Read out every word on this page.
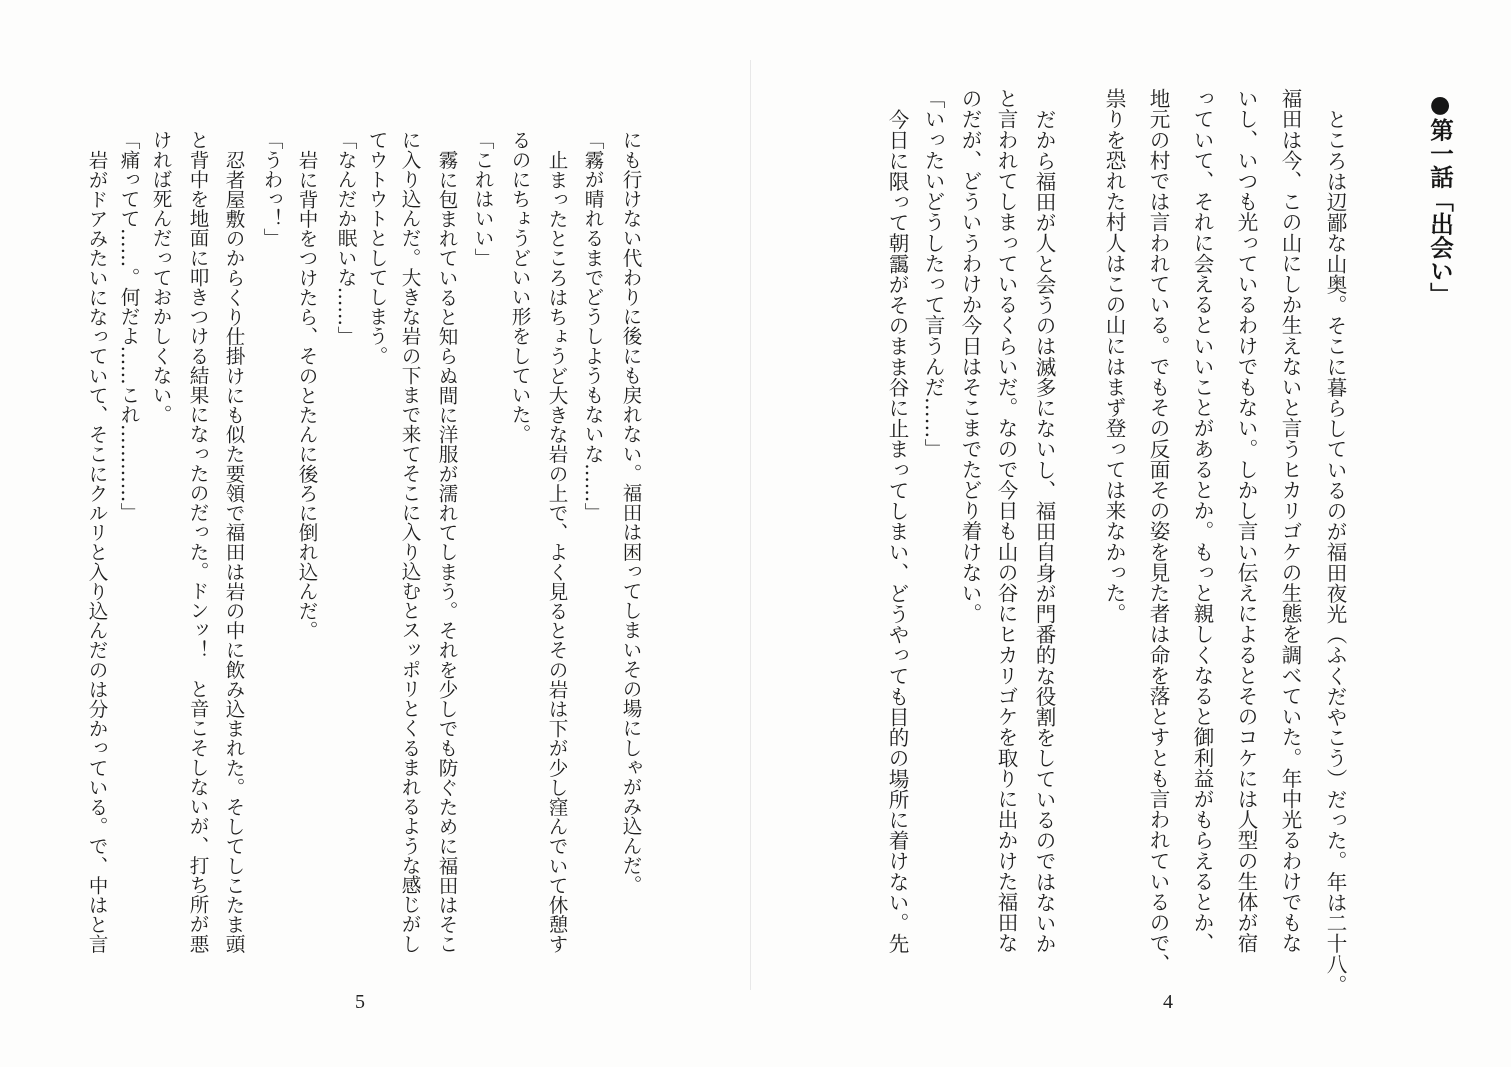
にも行けない代わりに後にも戻れない。福田は困ってしまいその場にしゃがみ込んだ。
「霧が晴れるまでどうしようもないな……」
止まったところはちょうど大きな岩の上で、よく見るとその岩は下が少し窪んでいて休憩す
るのにちょうどいい形をしていた。
「これはいい」
霧に包まれていると知らぬ間に洋服が濡れてしまう。それを少しでも防ぐために福田はそこ
に入り込んだ。大きな岩の下まで来てそこに入り込むとスッポリとくるまれるような感じがし
てウトウトとしてしまう。
「なんだか眠いな……」
岩に背中をつけたら、そのとたんに後ろに倒れ込んだ。
「うわっ！」
忍者屋敷のからくり仕掛けにも似た要領で福田は岩の中に飲み込まれた。そしてしこたま頭
と背中を地面に叩きつける結果になったのだった。ドンッ！　と音こそしないが、打ち所が悪
ければ死んだっておかしくない。
「痛ってて……。何だよ……これ…………」
岩がドアみたいになっていて、そこにクルリと入り込んだのは分かっている。で、中はと言
5
●第一話「出会い」
ところは辺鄙な山奥。そこに暮らしているのが福田夜光（ふくだやこう）だった。年は二十八。
福田は今、この山にしか生えないと言うヒカリゴケの生態を調べていた。年中光るわけでもな
いし、いつも光っているわけでもない。しかし言い伝えによるとそのコケには人型の生体が宿
っていて、それに会えるといいことがあるとか。もっと親しくなると御利益がもらえるとか、
地元の村では言われている。でもその反面その姿を見た者は命を落とすとも言われているので、
祟りを恐れた村人はこの山にはまず登っては来なかった。
だから福田が人と会うのは滅多にないし、福田自身が門番的な役割をしているのではないか
と言われてしまっているくらいだ。なので今日も山の谷にヒカリゴケを取りに出かけた福田な
のだが、どういうわけか今日はそこまでたどり着けない。
「いったいどうしたって言うんだ……」
今日に限って朝靄がそのまま谷に止まってしまい、どうやっても目的の場所に着けない。先
4
